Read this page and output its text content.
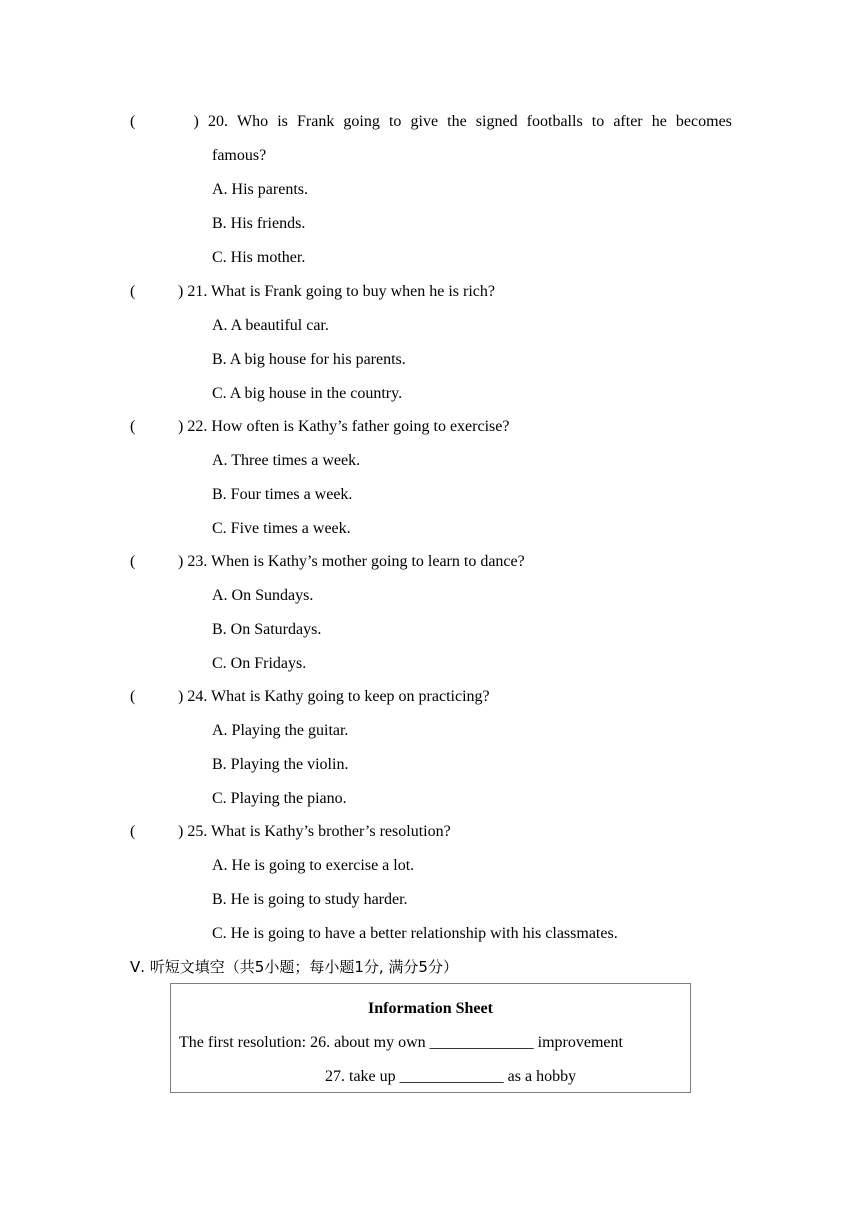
(	) 20. Who is Frank going to give the signed footballs to after he becomes
famous?
A. His parents.
B. His friends.
C. His mother.
(	) 21. What is Frank going to buy when he is rich?
A. A beautiful car.
B. A big house for his parents.
C. A big house in the country.
(	) 22. How often is Kathy’s father going to exercise?
A. Three times a week.
B. Four times a week.
C. Five times a week.
(	) 23. When is Kathy’s mother going to learn to dance?
A. On Sundays.
B. On Saturdays.
C. On Fridays.
(	) 24. What is Kathy going to keep on practicing?
A. Playing the guitar.
B. Playing the violin.
C. Playing the piano.
(	) 25. What is Kathy’s brother’s resolution?
A. He is going to exercise a lot.
B. He is going to study harder.
C. He is going to have a better relationship with his classmates.
Ⅴ. 听短文填空（共5小题；每小题1分, 满分5分）
Information Sheet
The first resolution: 26. about my own _____________ improvement
27. take up _____________ as a hobby
